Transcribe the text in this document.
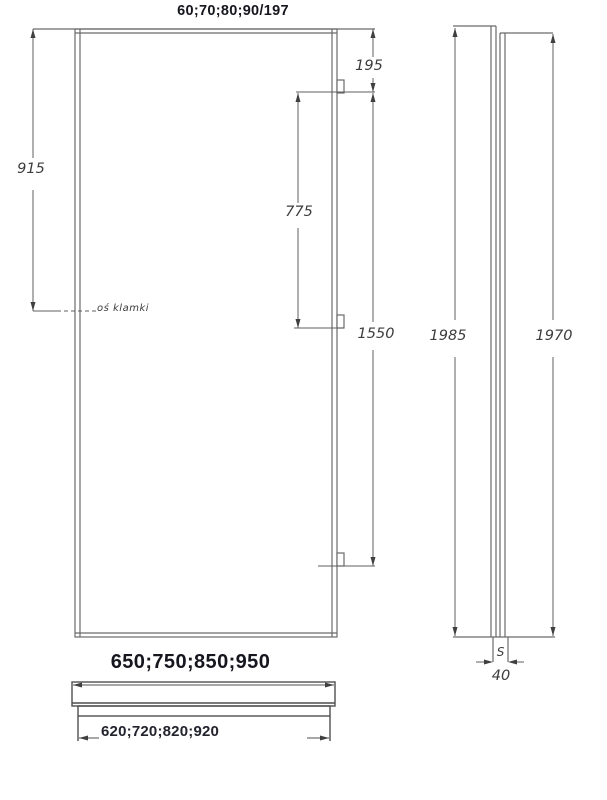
60;70;80;90/197
915
oś klamki
195
775
1550	1985	1970
S
40
650;750;850;950
620;720;820;920
